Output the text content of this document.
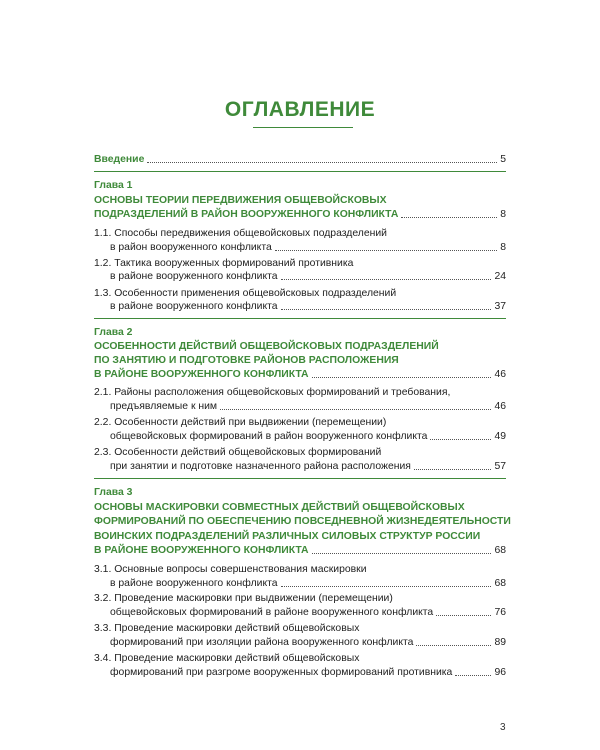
ОГЛАВЛЕНИЕ
Введение	5
Глава 1
ОСНОВЫ ТЕОРИИ ПЕРЕДВИЖЕНИЯ ОБЩЕВОЙСКОВЫХ
ПОДРАЗДЕЛЕНИЙ В РАЙОН ВООРУЖЕННОГО КОНФЛИКТА	8
1.1. Способы передвижения общевойсковых подразделений
в район вооруженного конфликта	8
1.2. Тактика вооруженных формирований противника
в районе вооруженного конфликта	24
1.3. Особенности применения общевойсковых подразделений
в районе вооруженного конфликта	37
Глава 2
ОСОБЕННОСТИ ДЕЙСТВИЙ ОБЩЕВОЙСКОВЫХ ПОДРАЗДЕЛЕНИЙ
ПО ЗАНЯТИЮ И ПОДГОТОВКЕ РАЙОНОВ РАСПОЛОЖЕНИЯ
В РАЙОНЕ ВООРУЖЕННОГО КОНФЛИКТА	46
2.1. Районы расположения общевойсковых формирований и требования,
предъявляемые к ним	46
2.2. Особенности действий при выдвижении (перемещении)
общевойсковых формирований в район вооруженного конфликта	49
2.3. Особенности действий общевойсковых формирований
при занятии и подготовке назначенного района расположения	57
Глава 3
ОСНОВЫ МАСКИРОВКИ СОВМЕСТНЫХ ДЕЙСТВИЙ ОБЩЕВОЙСКОВЫХ
ФОРМИРОВАНИЙ ПО ОБЕСПЕЧЕНИЮ ПОВСЕДНЕВНОЙ ЖИЗНЕДЕЯТЕЛЬНОСТИ
ВОИНСКИХ ПОДРАЗДЕЛЕНИЙ РАЗЛИЧНЫХ СИЛОВЫХ СТРУКТУР РОССИИ
В РАЙОНЕ ВООРУЖЕННОГО КОНФЛИКТА	68
3.1. Основные вопросы совершенствования маскировки
в районе вооруженного конфликта	68
3.2. Проведение маскировки при выдвижении (перемещении)
общевойсковых формирований в районе вооруженного конфликта	76
3.3. Проведение маскировки действий общевойсковых
формирований при изоляции района вооруженного конфликта	89
3.4. Проведение маскировки действий общевойсковых
формирований при разгроме вооруженных формирований противника	96
3
